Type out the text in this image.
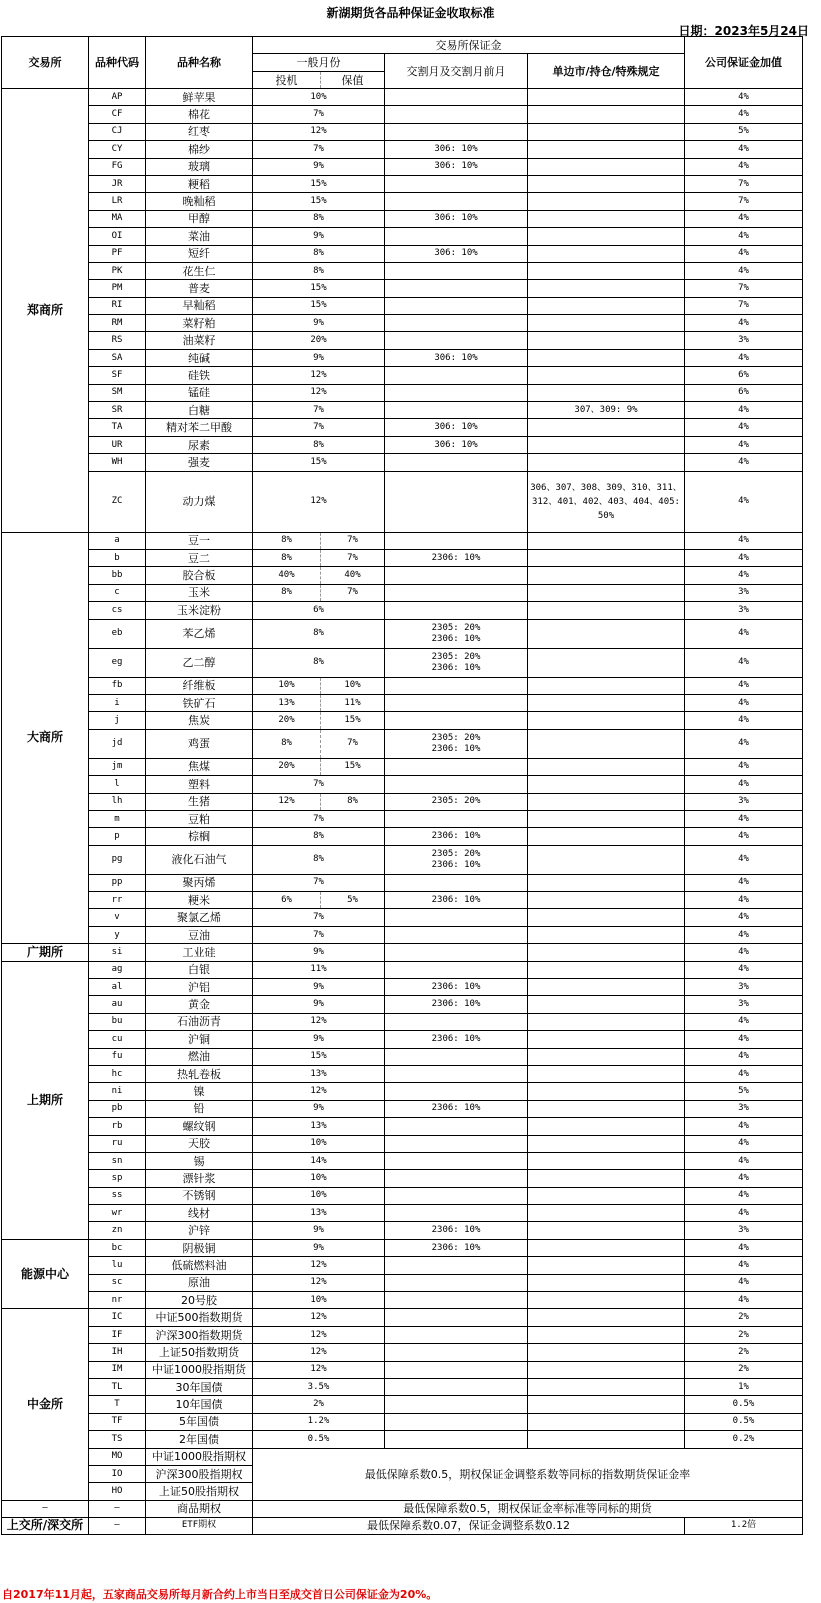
新湖期货各品种保证金收取标准
日期：2023年5月24日
交易所	品种代码	品种名称	交易所保证金				公司保证金加值
			一般月份		交割月及交割月前月	单边市/持仓/特殊规定	
			投机	保值			
郑商所	AP	鲜苹果	10%				4%
	CF	棉花	7%				4%
	CJ	红枣	12%				5%
	CY	棉纱	7%		306: 10%		4%
	FG	玻璃	9%		306: 10%		4%
	JR	粳稻	15%				7%
	LR	晚籼稻	15%				7%
	MA	甲醇	8%		306: 10%		4%
	OI	菜油	9%				4%
	PF	短纤	8%		306: 10%		4%
	PK	花生仁	8%				4%
	PM	普麦	15%				7%
	RI	早籼稻	15%				7%
	RM	菜籽粕	9%				4%
	RS	油菜籽	20%				3%
	SA	纯碱	9%		306: 10%		4%
	SF	硅铁	12%				6%
	SM	锰硅	12%				6%
	SR	白糖	7%			307、309: 9%	4%
	TA	精对苯二甲酸	7%		306: 10%		4%
	UR	尿素	8%		306: 10%		4%
	WH	强麦	15%				4%
	ZC	动力煤	12%			306、307、308、309、310、311、312、401、402、403、404、405: 50%	4%
大商所	a	豆一	8%	7%			4%
	b	豆二	8%	7%	2306: 10%		4%
	bb	胶合板	40%	40%			4%
	c	玉米	8%	7%			3%
	cs	玉米淀粉	6%				3%
	eb	苯乙烯	8%		2305: 20%
2306: 10%		4%
	eg	乙二醇	8%		2305: 20%
2306: 10%		4%
	fb	纤维板	10%	10%			4%
	i	铁矿石	13%	11%			4%
	j	焦炭	20%	15%			4%
	jd	鸡蛋	8%	7%	2305: 20%
2306: 10%		4%
	jm	焦煤	20%	15%			4%
	l	塑料	7%				4%
	lh	生猪	12%	8%	2305: 20%		3%
	m	豆粕	7%				4%
	p	棕榈	8%		2306: 10%		4%
	pg	液化石油气	8%		2305: 20%
2306: 10%		4%
	pp	聚丙烯	7%				4%
	rr	粳米	6%	5%	2306: 10%		4%
	v	聚氯乙烯	7%				4%
	y	豆油	7%				4%
广期所	si	工业硅	9%				4%
上期所	ag	白银	11%				4%
	al	沪铝	9%		2306: 10%		3%
	au	黄金	9%		2306: 10%		3%
	bu	石油沥青	12%				4%
	cu	沪铜	9%		2306: 10%		4%
	fu	燃油	15%				4%
	hc	热轧卷板	13%				4%
	ni	镍	12%				5%
	pb	铅	9%		2306: 10%		3%
	rb	螺纹钢	13%				4%
	ru	天胶	10%				4%
	sn	锡	14%				4%
	sp	漂针浆	10%				4%
	ss	不锈钢	10%				4%
	wr	线材	13%				4%
	zn	沪锌	9%		2306: 10%		3%
能源中心	bc	阴极铜	9%		2306: 10%		4%
	lu	低硫燃料油	12%				4%
	sc	原油	12%				4%
	nr	20号胶	10%				4%
中金所	IC	中证500指数期货	12%				2%
	IF	沪深300指数期货	12%				2%
	IH	上证50指数期货	12%				2%
	IM	中证1000股指期货	12%				2%
	TL	30年国债	3.5%				1%
	T	10年国债	2%				0.5%
	TF	5年国债	1.2%				0.5%
	TS	2年国债	0.5%				0.2%
	MO	中证1000股指期权	最低保障系数0.5，期权保证金调整系数等同标的指数期货保证金率				
	IO	沪深300股指期权					
	HO	上证50股指期权					
–	–	商品期权	最低保障系数0.5，期权保证金率标准等同标的期货				
上交所/深交所	–	ETF期权	最低保障系数0.07，保证金调整系数0.12				1.2倍
自2017年11月起，五家商品交易所每月新合约上市当日至成交首日公司保证金为20%。
